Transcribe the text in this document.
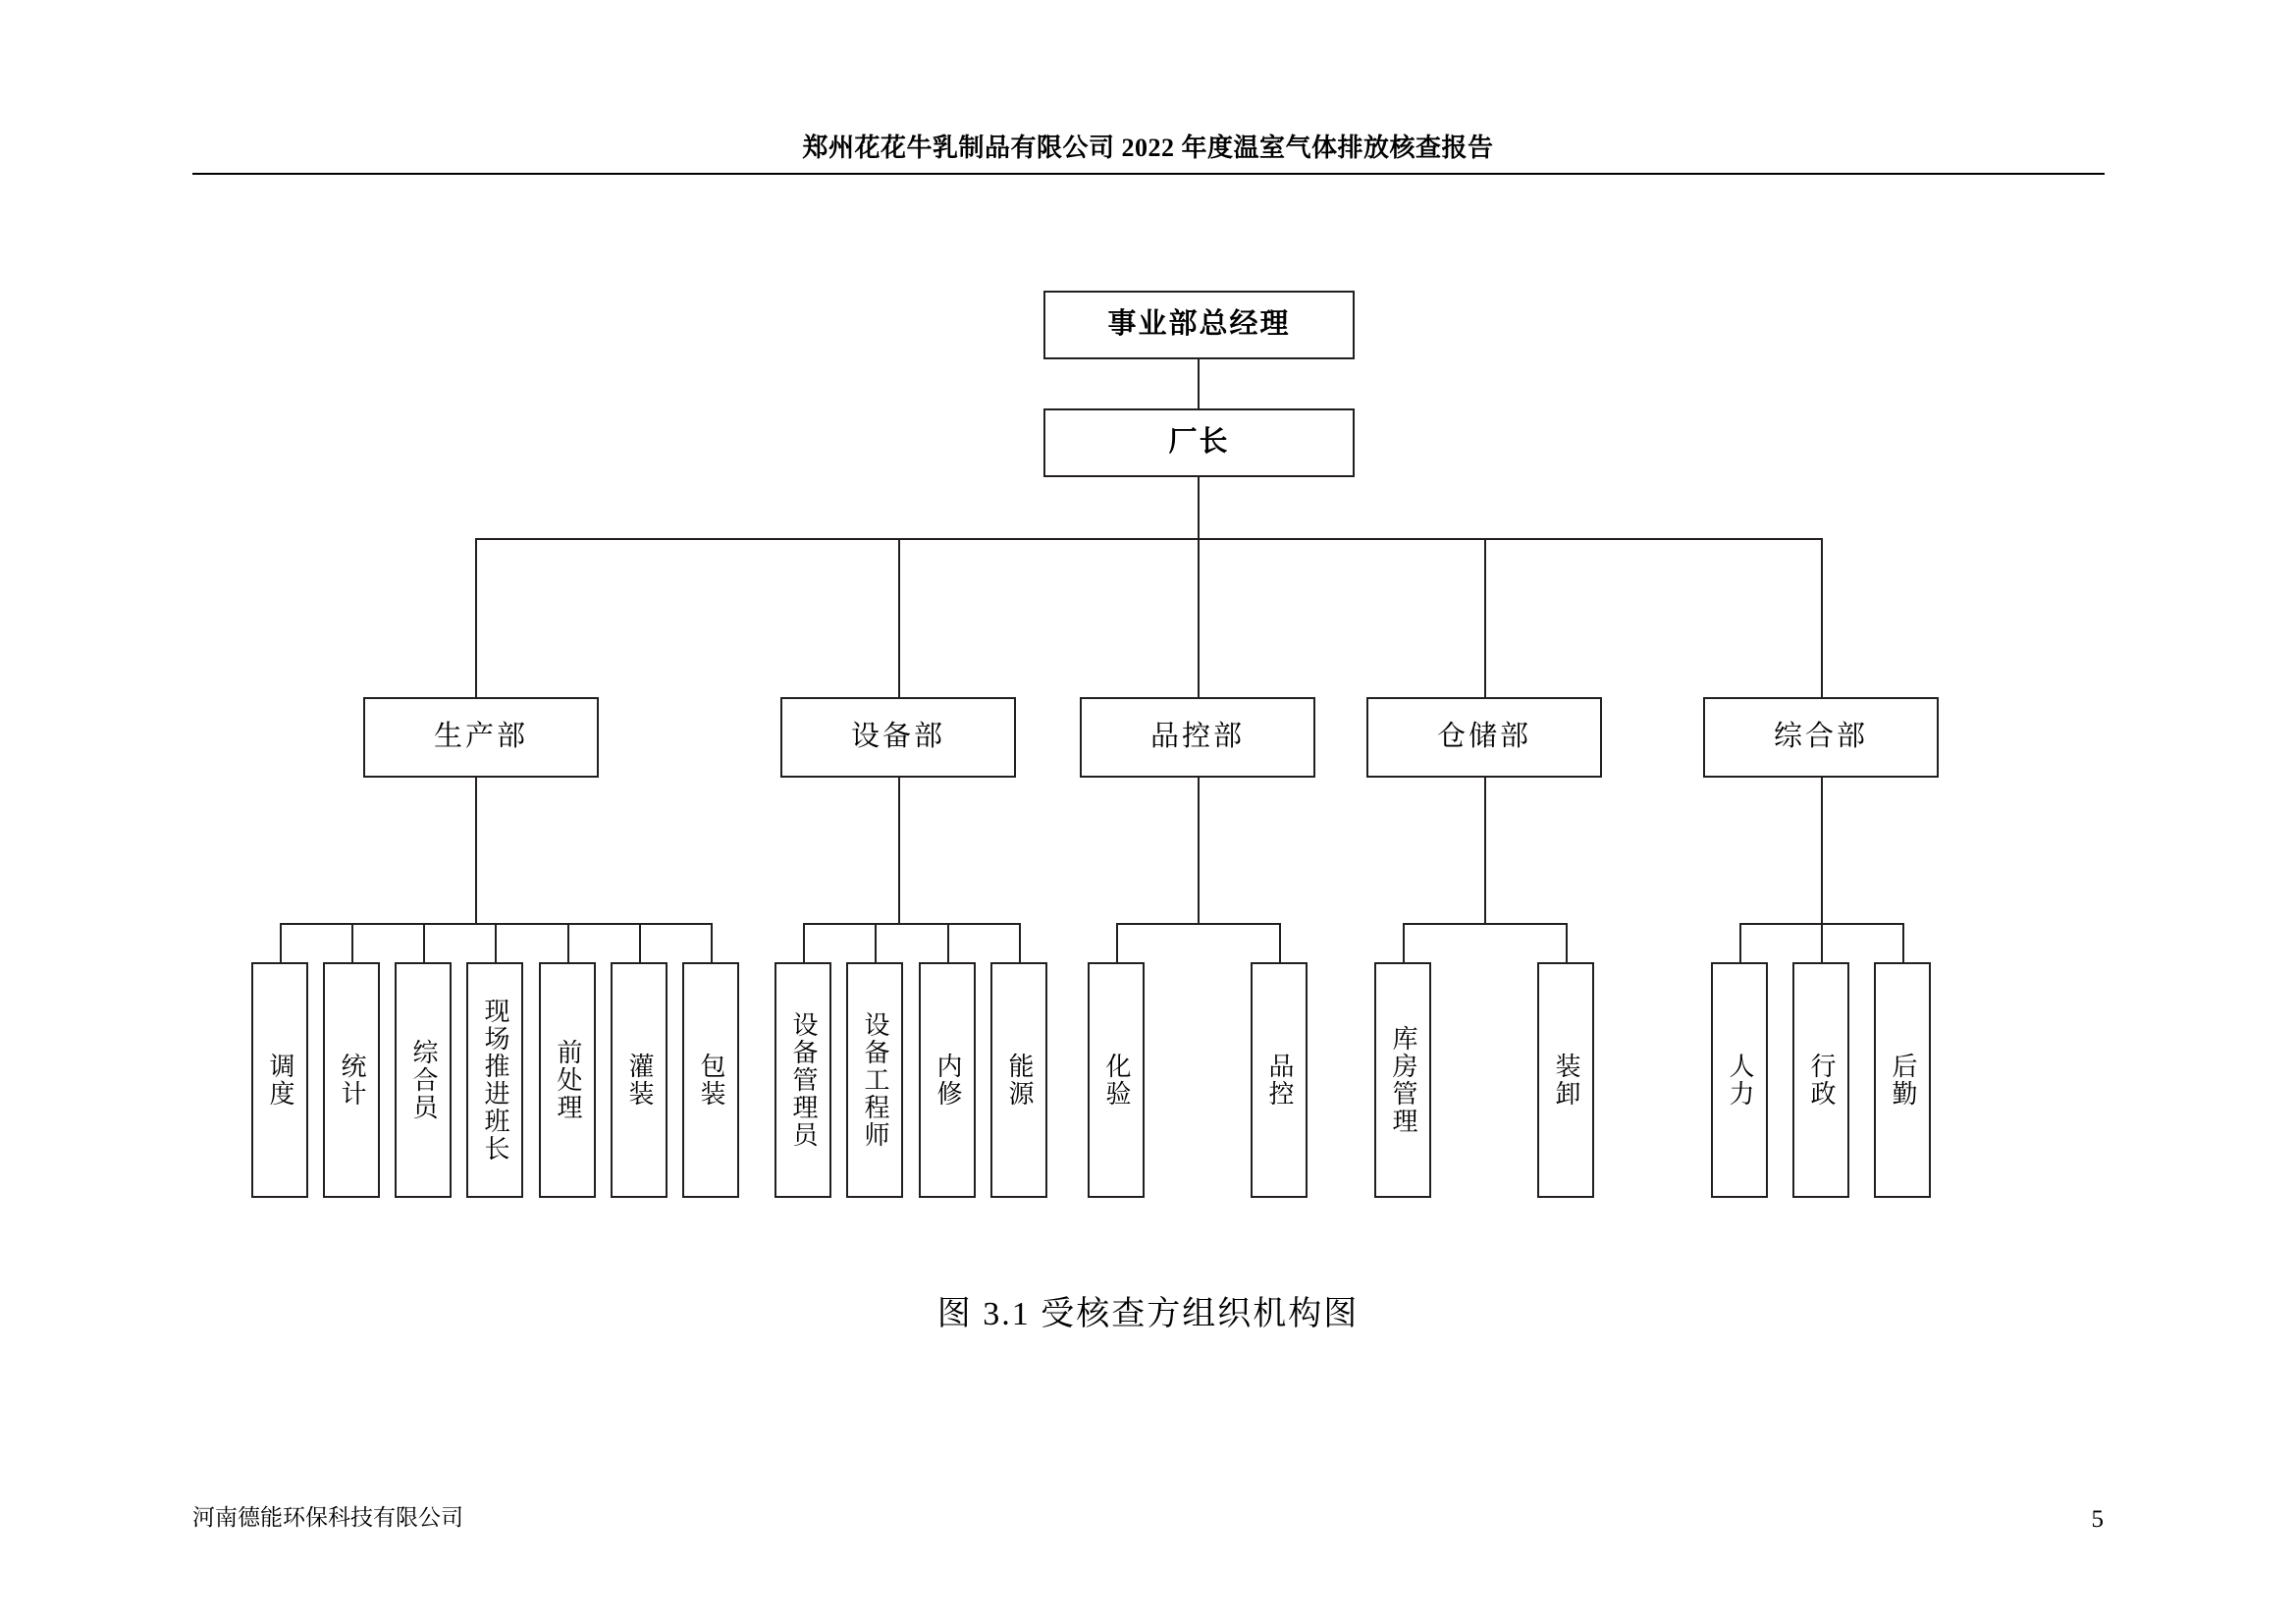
郑州花花牛乳制品有限公司 2022 年度温室气体排放核查报告
事业部总经理
厂长
生产部	设备部	品控部	仓储部	综合部
调度	统计	综合员	现场推进班长	前处理	灌装	包装	设备管理员	设备工程师	内修	能源	化验	品控	库房管理	装卸	人力	行政	后勤
图 3.1 受核查方组织机构图
河南德能环保科技有限公司	5
